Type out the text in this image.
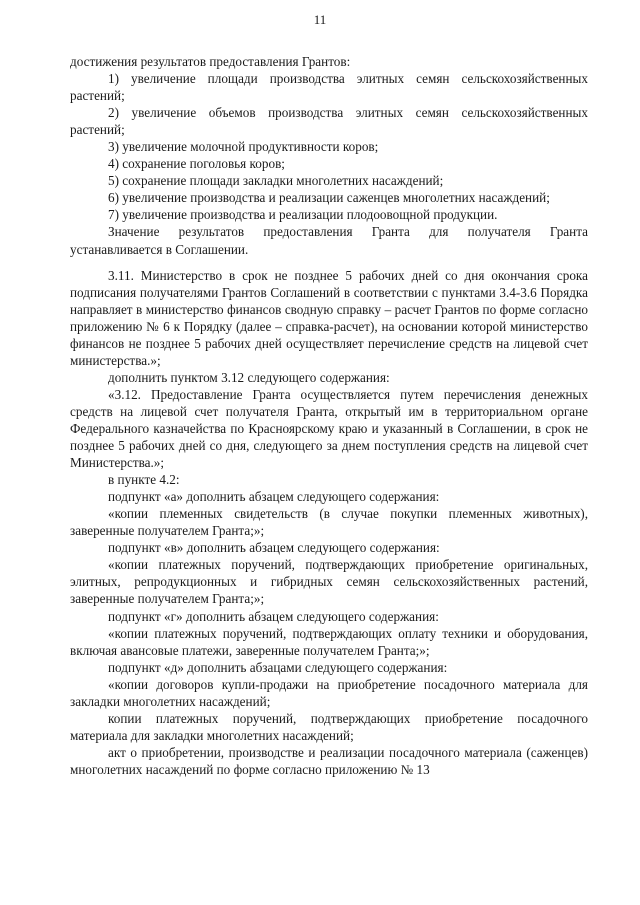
11

достижения результатов предоставления Грантов:

1) увеличение площади производства элитных семян сельскохозяйственных растений;

2) увеличение объемов производства элитных семян сельскохозяйственных растений;

3) увеличение молочной продуктивности коров;

4) сохранение поголовья коров;

5) сохранение площади закладки многолетних насаждений;

6) увеличение производства и реализации саженцев многолетних насаждений;

7) увеличение производства и реализации плодоовощной продукции.

Значение результатов предоставления Гранта для получателя Гранта устанавливается в Соглашении.

3.11. Министерство в срок не позднее 5 рабочих дней со дня окончания срока подписания получателями Грантов Соглашений в соответствии с пунктами 3.4-3.6 Порядка направляет в министерство финансов сводную справку – расчет Грантов по форме согласно приложению № 6 к Порядку (далее – справка-расчет), на основании которой министерство финансов не позднее 5 рабочих дней осуществляет перечисление средств на лицевой счет министерства.»;

дополнить пунктом 3.12 следующего содержания:

«3.12. Предоставление Гранта осуществляется путем перечисления денежных средств на лицевой счет получателя Гранта, открытый им в территориальном органе Федерального казначейства по Красноярскому краю и указанный в Соглашении, в срок не позднее 5 рабочих дней со дня, следующего за днем поступления средств на лицевой счет Министерства.»;

в пункте 4.2:

подпункт «а» дополнить абзацем следующего содержания:

«копии племенных свидетельств (в случае покупки племенных животных), заверенные получателем Гранта;»;

подпункт «в» дополнить абзацем следующего содержания:

«копии платежных поручений, подтверждающих приобретение оригинальных, элитных, репродукционных и гибридных семян сельскохозяйственных растений, заверенные получателем Гранта;»;

подпункт «г» дополнить абзацем следующего содержания:

«копии платежных поручений, подтверждающих оплату техники и оборудования, включая авансовые платежи, заверенные получателем Гранта;»;

подпункт «д» дополнить абзацами следующего содержания:

«копии договоров купли-продажи на приобретение посадочного материала для закладки многолетних насаждений;

копии платежных поручений, подтверждающих приобретение посадочного материала для закладки многолетних насаждений;

акт о приобретении, производстве и реализации посадочного материала (саженцев) многолетних насаждений по форме согласно приложению № 13
